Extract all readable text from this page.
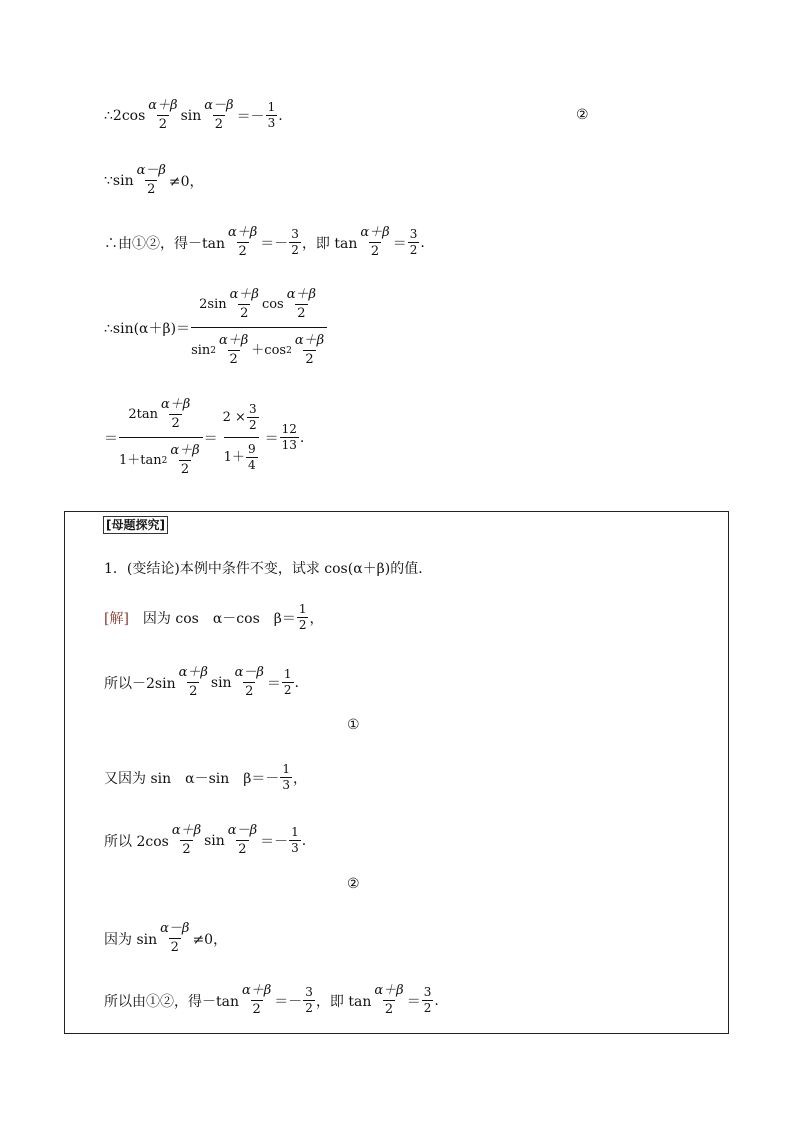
∴2cos $\frac{\alpha+\beta}{2}$ $\sin \frac{\alpha-\beta}{2} =- \frac{1}{3}$ .	②
∵sin $\frac{\alpha-\beta}{2} \ne 0$，
∴由①②，得$-\tan \frac{\alpha+\beta}{2} =- \frac{3}{2}$ ，即 $\tan \frac{\alpha+\beta}{2} = \frac{3}{2}$ .
∴sin(α＋β)＝ $\frac{2\sin \frac{\alpha+\beta}{2} \cos \frac{\alpha+\beta}{2}}{\sin 2 \frac{\alpha+\beta}{2} +\cos 2 \frac{\alpha+\beta}{2}}$
＝ $\frac{2\tan \frac{\alpha+\beta}{2}}{1+\tan 2 \frac{\alpha+\beta}{2}} = \frac{2 \times \frac{3}{2}}{1+ \frac{9}{4}} = \frac{12}{13}$ .
[母题探究]
1．(变结论)本例中条件不变，试求 cos(α＋β)的值．
[解] 　因为 cos　α－cos　$\beta= \frac{1}{2}$ ，
所以$-2\sin \frac{\alpha+\beta}{2}$ $\sin \frac{\alpha-\beta}{2} = \frac{1}{2}$ .
①
又因为 sin　α－sin　$\beta=- \frac{1}{3}$ ，
所以 $2\cos \frac{\alpha+\beta}{2}$ $\sin \frac{\alpha-\beta}{2} =- \frac{1}{3}$ .
②
因为 $\sin \frac{\alpha-\beta}{2} \ne 0$，
所以由①②，得$-\tan \frac{\alpha+\beta}{2} =- \frac{3}{2}$ ，即 $\tan \frac{\alpha+\beta}{2} = \frac{3}{2}$ .
